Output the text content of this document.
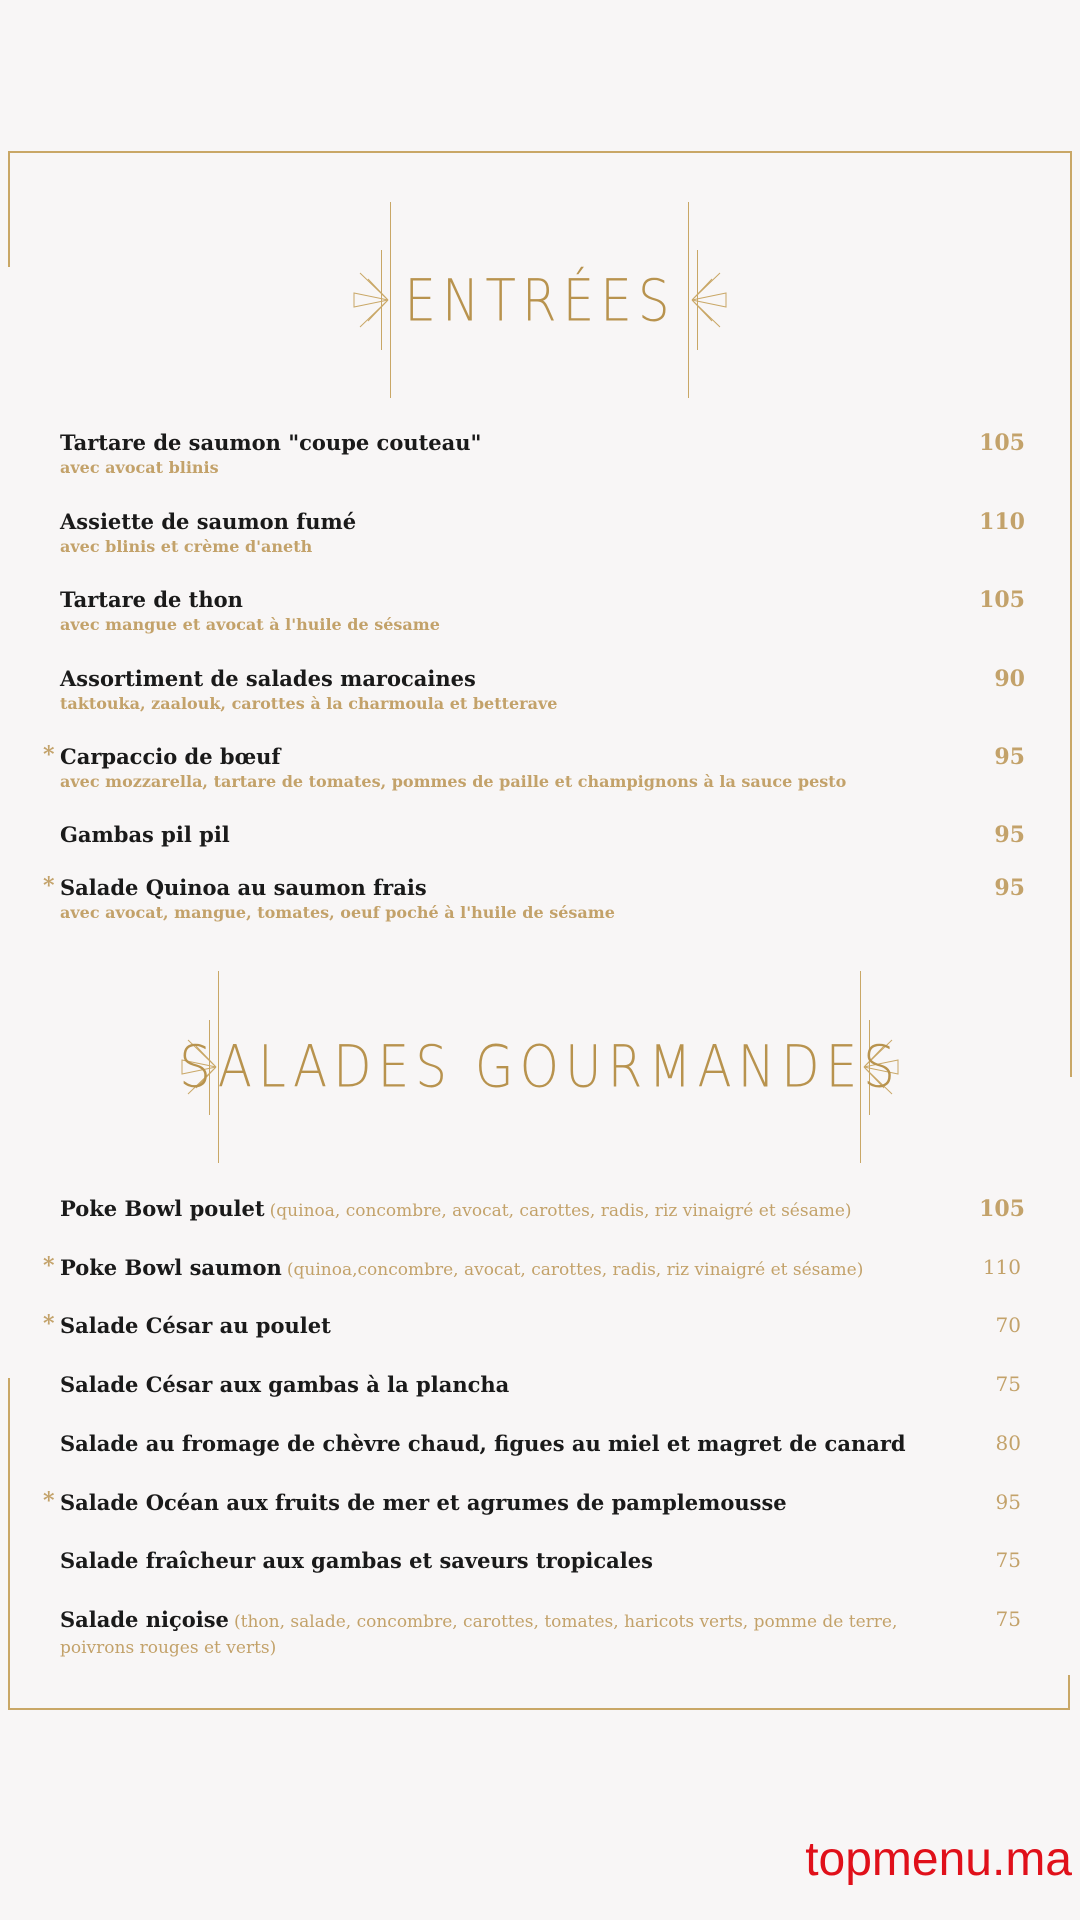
ENTRÉES
SALADES GOURMANDES
Tartare de saumon "coupe couteau"
avec avocat blinis
105
Assiette de saumon fumé
avec blinis et crème d'aneth
110
Tartare de thon
avec mangue et avocat à l'huile de sésame
105
Assortiment de salades marocaines
taktouka, zaalouk, carottes à la charmoula et betterave
90
* Carpaccio de bœuf
avec mozzarella, tartare de tomates, pommes de paille et champignons à la sauce pesto
95
Gambas pil pil	95
* Salade Quinoa au saumon frais
avec avocat, mangue, tomates, oeuf poché à l'huile de sésame
95
Poke Bowl poulet (quinoa, concombre, avocat, carottes, radis, riz vinaigré et sésame)	105
* Poke Bowl saumon (quinoa,concombre, avocat, carottes, radis, riz vinaigré et sésame)	110
* Salade César au poulet	70
Salade César aux gambas à la plancha	75
Salade au fromage de chèvre chaud, figues au miel et magret de canard	80
* Salade Océan aux fruits de mer et agrumes de pamplemousse	95
Salade fraîcheur aux gambas et saveurs tropicales	75
Salade niçoise (thon, salade, concombre, carottes, tomates, haricots verts, pomme de terre, poivrons rouges et verts)
75
topmenu.ma
